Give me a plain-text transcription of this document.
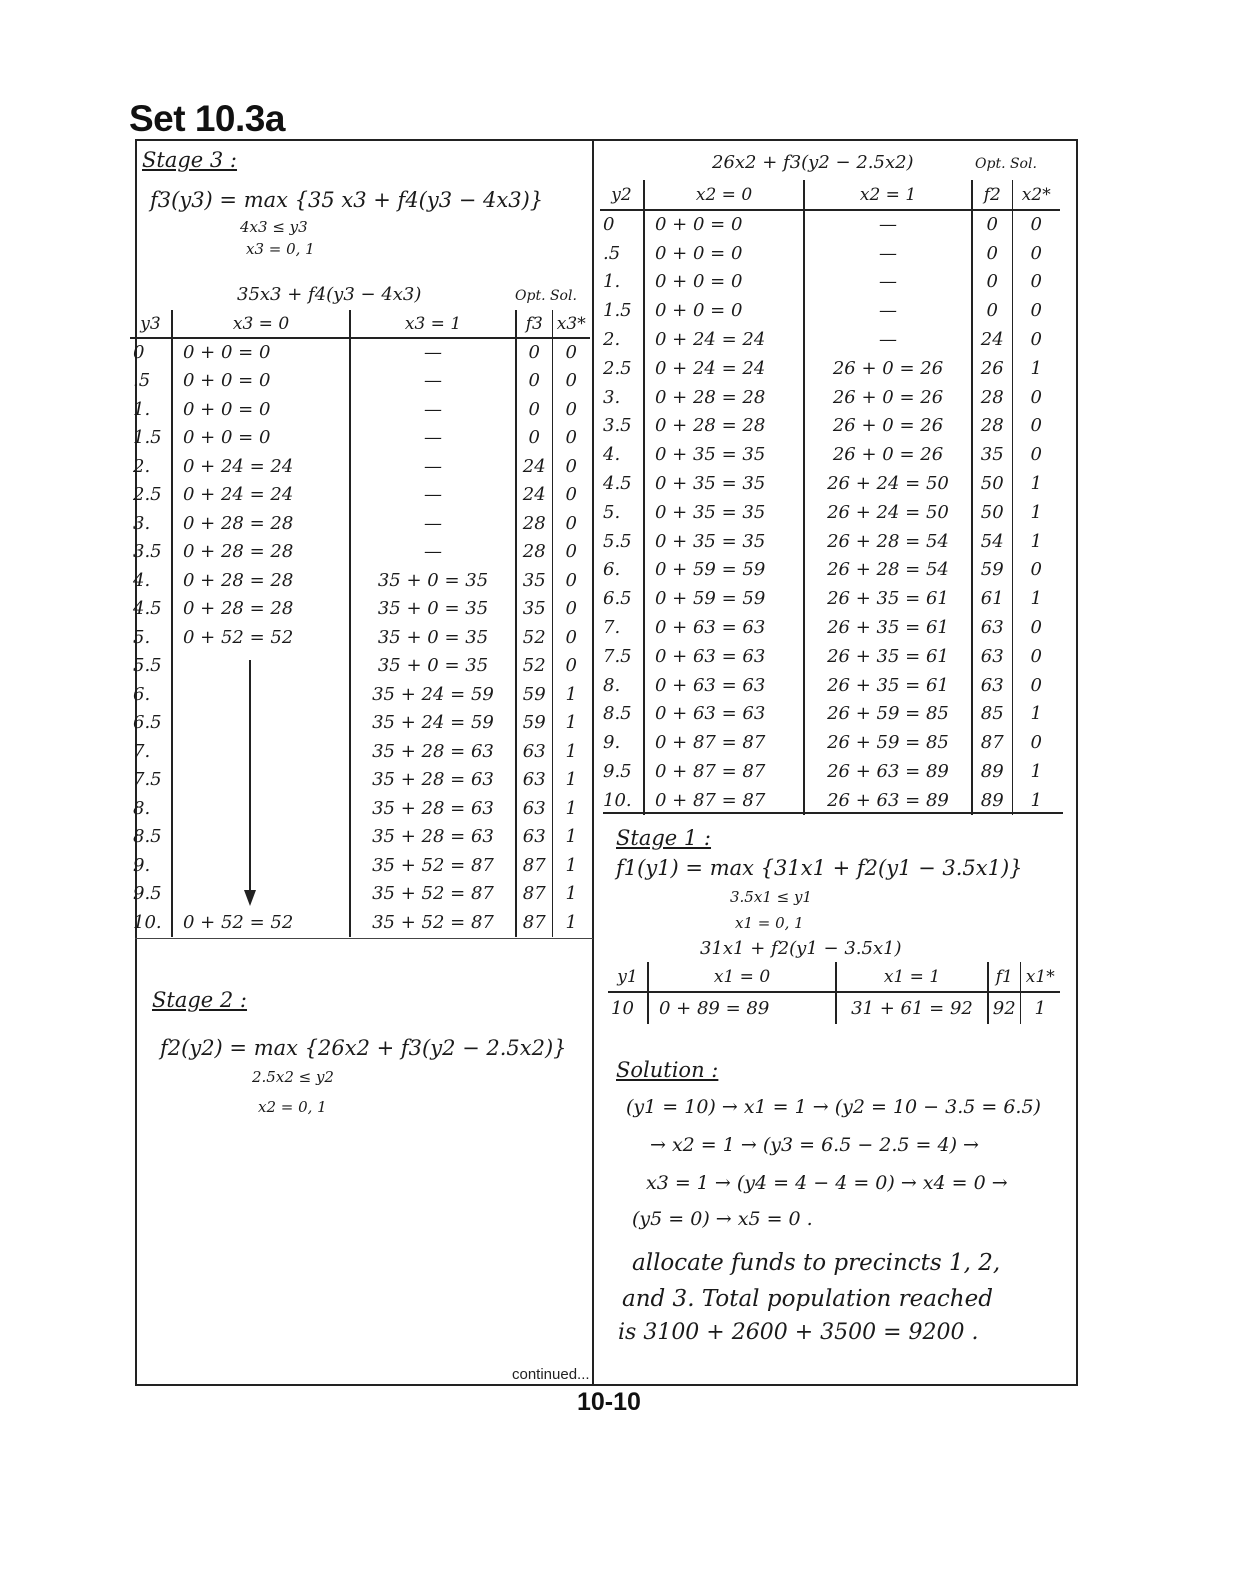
Set 10.3a
Stage 3 :
f3(y3) = max {35 x3 + f4(y3 − 4x3)}
4x3 ≤ y3
x3 = 0, 1
35x3 + f4(y3 − 4x3)	Opt. Sol.
y3	x3 = 0	x3 = 1	f3	x3*
0	0 + 0 = 0	—	0	0
.5	0 + 0 = 0	—	0	0
1.	0 + 0 = 0	—	0	0
1.5	0 + 0 = 0	—	0	0
2.	0 + 24 = 24	—	24	0
2.5	0 + 24 = 24	—	24	0
3.	0 + 28 = 28	—	28	0
3.5	0 + 28 = 28	—	28	0
4.	0 + 28 = 28	35 + 0 = 35	35	0
4.5	0 + 28 = 28	35 + 0 = 35	35	0
5.	0 + 52 = 52	35 + 0 = 35	52	0
5.5		35 + 0 = 35	52	0
6.		35 + 24 = 59	59	1
6.5		35 + 24 = 59	59	1
7.		35 + 28 = 63	63	1
7.5		35 + 28 = 63	63	1
8.		35 + 28 = 63	63	1
8.5		35 + 28 = 63	63	1
9.		35 + 52 = 87	87	1
9.5		35 + 52 = 87	87	1
10.	0 + 52 = 52	35 + 52 = 87	87	1
Stage 2 :
f2(y2) = max {26x2 + f3(y2 − 2.5x2)}
2.5x2 ≤ y2
x2 = 0, 1
26x2 + f3(y2 − 2.5x2)	Opt. Sol.
y2	x2 = 0	x2 = 1	f2	x2*
0	0 + 0 = 0	—	0	0
.5	0 + 0 = 0	—	0	0
1.	0 + 0 = 0	—	0	0
1.5	0 + 0 = 0	—	0	0
2.	0 + 24 = 24	—	24	0
2.5	0 + 24 = 24	26 + 0 = 26	26	1
3.	0 + 28 = 28	26 + 0 = 26	28	0
3.5	0 + 28 = 28	26 + 0 = 26	28	0
4.	0 + 35 = 35	26 + 0 = 26	35	0
4.5	0 + 35 = 35	26 + 24 = 50	50	1
5.	0 + 35 = 35	26 + 24 = 50	50	1
5.5	0 + 35 = 35	26 + 28 = 54	54	1
6.	0 + 59 = 59	26 + 28 = 54	59	0
6.5	0 + 59 = 59	26 + 35 = 61	61	1
7.	0 + 63 = 63	26 + 35 = 61	63	0
7.5	0 + 63 = 63	26 + 35 = 61	63	0
8.	0 + 63 = 63	26 + 35 = 61	63	0
8.5	0 + 63 = 63	26 + 59 = 85	85	1
9.	0 + 87 = 87	26 + 59 = 85	87	0
9.5	0 + 87 = 87	26 + 63 = 89	89	1
10.	0 + 87 = 87	26 + 63 = 89	89	1
Stage 1 :
f1(y1) = max {31x1 + f2(y1 − 3.5x1)}
3.5x1 ≤ y1
x1 = 0, 1
31x1 + f2(y1 − 3.5x1)
y1	x1 = 0	x1 = 1	f1	x1*
10	0 + 89 = 89	31 + 61 = 92	92	1
Solution :
(y1 = 10) → x1 = 1 → (y2 = 10 − 3.5 = 6.5)
→ x2 = 1 → (y3 = 6.5 − 2.5 = 4) →
x3 = 1 → (y4 = 4 − 4 = 0) → x4 = 0 →
(y5 = 0) → x5 = 0 .
allocate funds to precincts 1, 2,
and 3. Total population reached
is 3100 + 2600 + 3500 = 9200 .
continued...
10-10
